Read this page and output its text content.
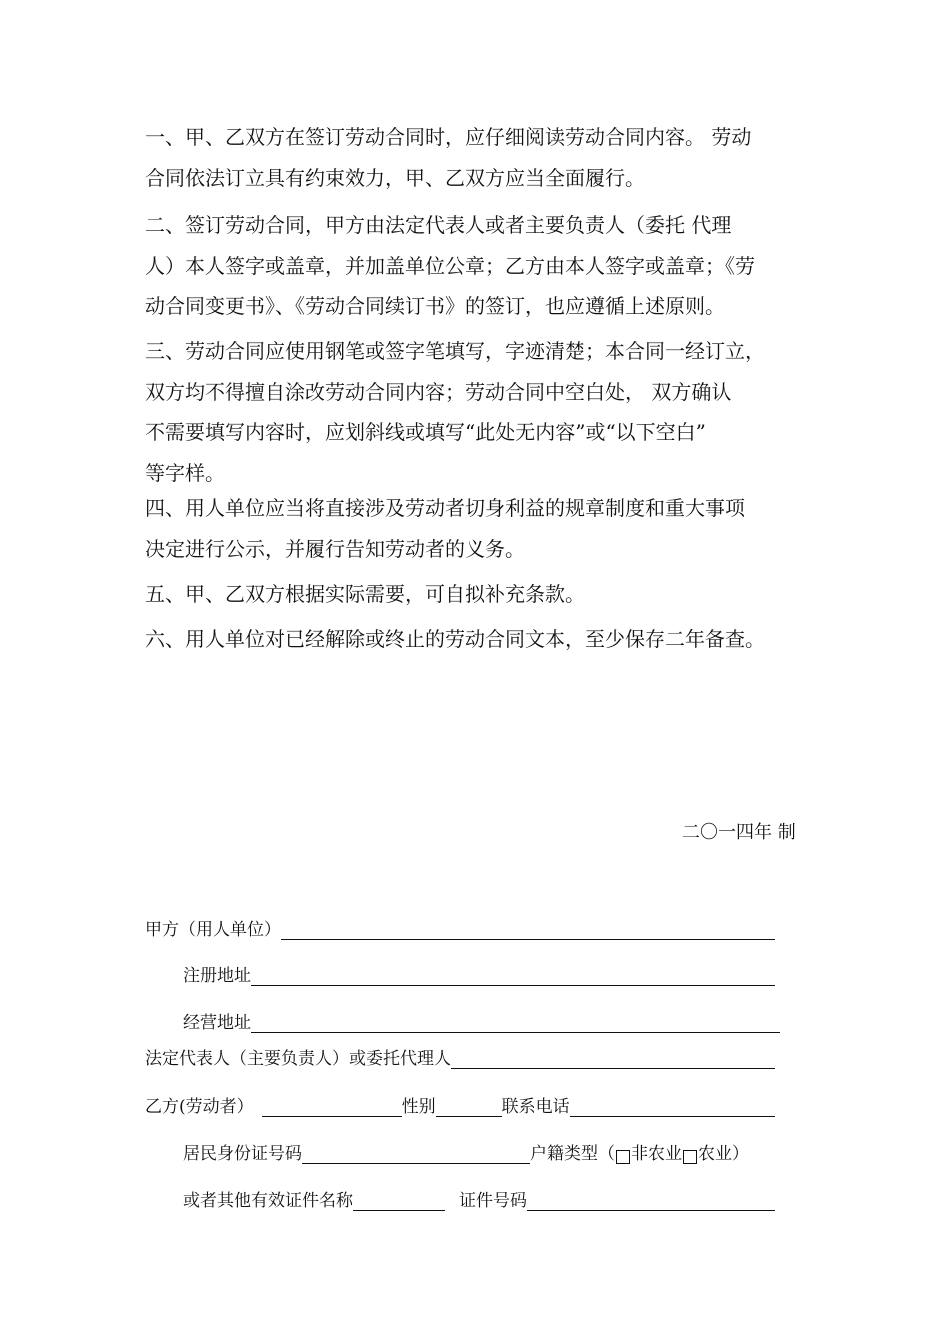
一、甲、乙双方在签订劳动合同时，应仔细阅读劳动合同内容。 劳动
合同依法订立具有约束效力，甲、乙双方应当全面履行。

二、签订劳动合同，甲方由法定代表人或者主要负责人（委托 代理
人）本人签字或盖章，并加盖单位公章；乙方由本人签字或盖章；《劳
动合同变更书》、《劳动合同续订书》的签订，也应遵循上述原则。

三、劳动合同应使用钢笔或签字笔填写，字迹清楚；本合同一经订立，
双方均不得擅自涂改劳动合同内容；劳动合同中空白处， 双方确认
不需要填写内容时，应划斜线或填写“此处无内容”或“以下空白”
等字样。

四、用人单位应当将直接涉及劳动者切身利益的规章制度和重大事项
决定进行公示，并履行告知劳动者的义务。

五、甲、乙双方根据实际需要，可自拟补充条款。

六、用人单位对已经解除或终止的劳动合同文本，至少保存二年备查。

二〇一四年 制
甲方（用人单位）
注册地址
经营地址
法定代表人（主要负责人）或委托代理人
乙方(劳动者）	性别	联系电话
居民身份证号码	户籍类型（ 非农业 农业）
或者其他有效证件名称	证件号码
